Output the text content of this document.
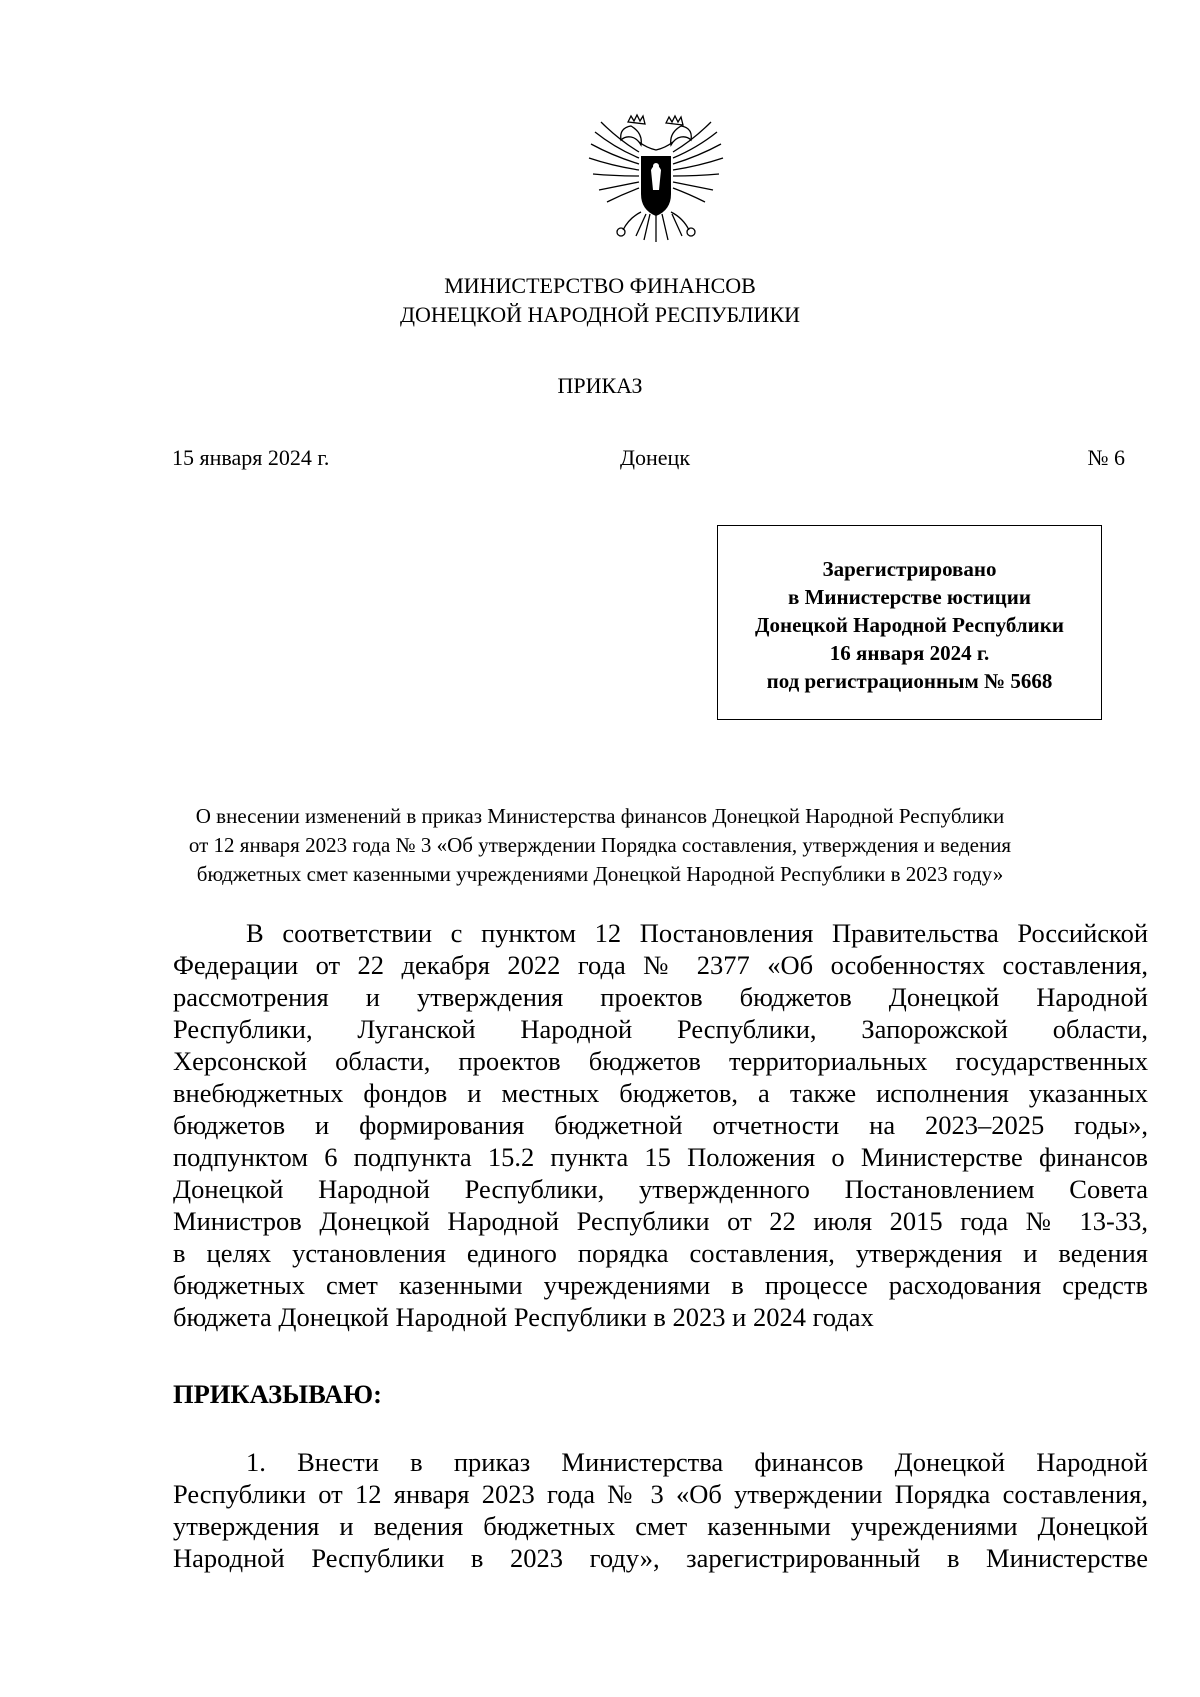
МИНИСТЕРСТВО ФИНАНСОВ
ДОНЕЦКОЙ НАРОДНОЙ РЕСПУБЛИКИ
ПРИКАЗ
15 января 2024 г.	Донецк	№ 6
Зарегистрировано
в Министерстве юстиции
Донецкой Народной Республики
16 января 2024 г.
под регистрационным № 5668
О внесении изменений в приказ Министерства финансов Донецкой Народной Республики
от 12 января 2023 года № 3 «Об утверждении Порядка составления, утверждения и ведения
бюджетных смет казенными учреждениями Донецкой Народной Республики в 2023 году»
В соответствии с пунктом 12 Постановления Правительства Российской
Федерации от 22 декабря 2022 года № 2377 «Об особенностях составления,
рассмотрения и утверждения проектов бюджетов Донецкой Народной
Республики, Луганской Народной Республики, Запорожской области,
Херсонской области, проектов бюджетов территориальных государственных
внебюджетных фондов и местных бюджетов, а также исполнения указанных
бюджетов и формирования бюджетной отчетности на 2023–2025 годы»,
подпунктом 6 подпункта 15.2 пункта 15 Положения о Министерстве финансов
Донецкой Народной Республики, утвержденного Постановлением Совета
Министров Донецкой Народной Республики от 22 июля 2015 года № 13-33,
в целях установления единого порядка составления, утверждения и ведения
бюджетных смет казенными учреждениями в процессе расходования средств
бюджета Донецкой Народной Республики в 2023 и 2024 годах
ПРИКАЗЫВАЮ:
1. Внести в приказ Министерства финансов Донецкой Народной
Республики от 12 января 2023 года № 3 «Об утверждении Порядка составления,
утверждения и ведения бюджетных смет казенными учреждениями Донецкой
Народной Республики в 2023 году», зарегистрированный в Министерстве
